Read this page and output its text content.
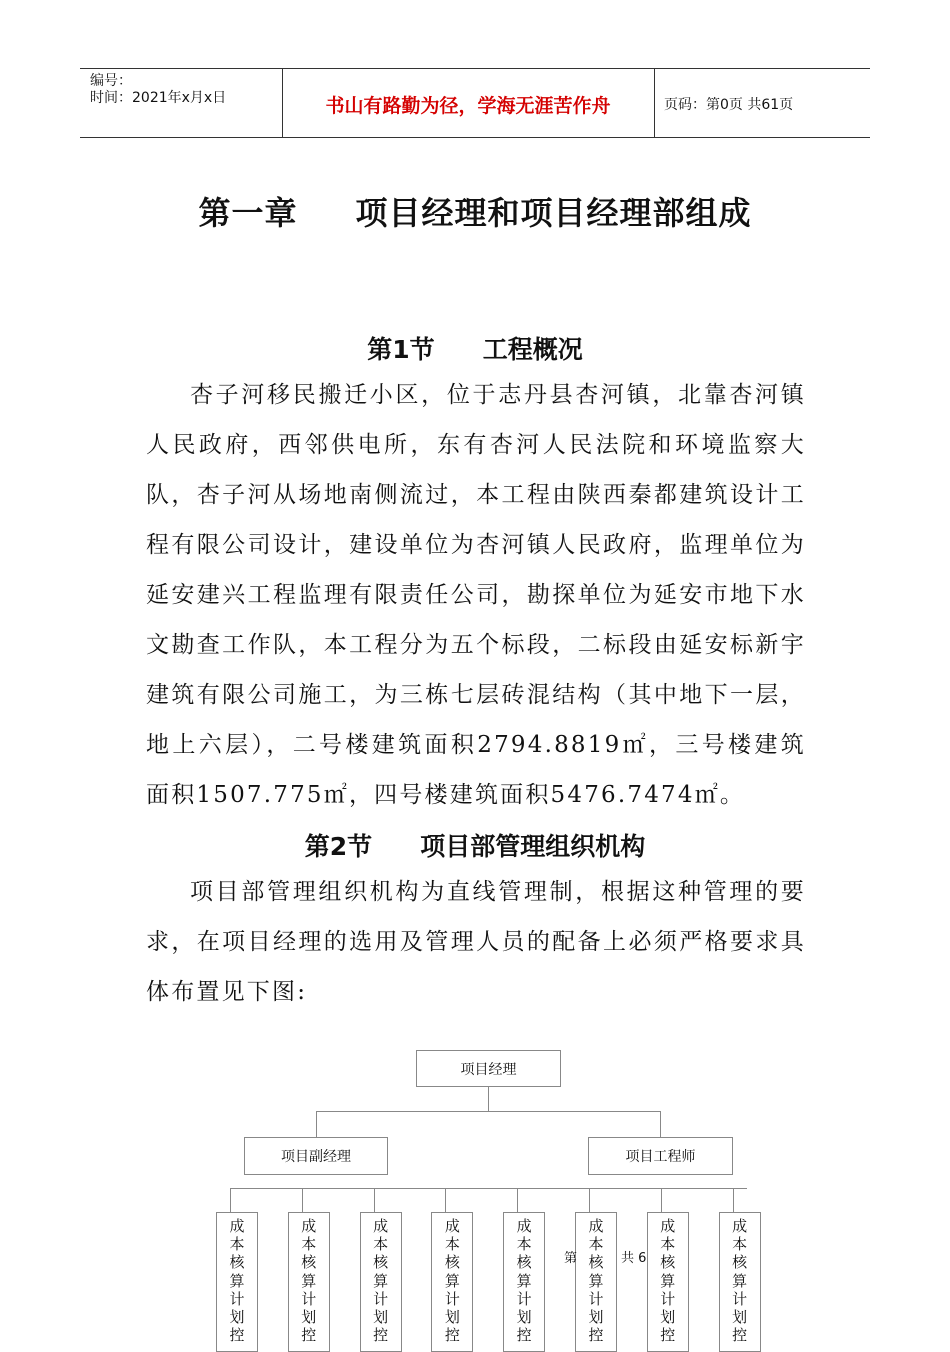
编号：
时间：2021年x月x日	书山有路勤为径，学海无涯苦作舟	页码：第0页 共61页
第一章 项目经理和项目经理部组成
第1节 工程概况

杏子河移民搬迁小区，位于志丹县杏河镇，北靠杏河镇人民政府，西邻供电所，东有杏河人民法院和环境监察大队，杏子河从场地南侧流过，本工程由陕西秦都建筑设计工程有限公司设计，建设单位为杏河镇人民政府，监理单位为延安建兴工程监理有限责任公司，勘探单位为延安市地下水文勘查工作队，本工程分为五个标段，二标段由延安标新宇建筑有限公司施工，为三栋七层砖混结构（其中地下一层，地上六层），二号楼建筑面积2794.8819㎡，三号楼建筑面积1507.775㎡，四号楼建筑面积5476.7474㎡。

第2节 项目部管理组织机构

项目部管理组织机构为直线管理制，根据这种管理的要求，在项目经理的选用及管理人员的配备上必须严格要求具体布置见下图:

项目经理
项目副经理	项目工程师
成
本
核
算
计
划
控
成
本
核
算
计
划
控
成
本
核
算
计
划
控
成
本
核
算
计
划
控
成
本
核
算
计
划
控
成
本
核
算
计
划
控
成
本
核
算
计
划
控
成
本
核
算
计
划
控
第	共 6
